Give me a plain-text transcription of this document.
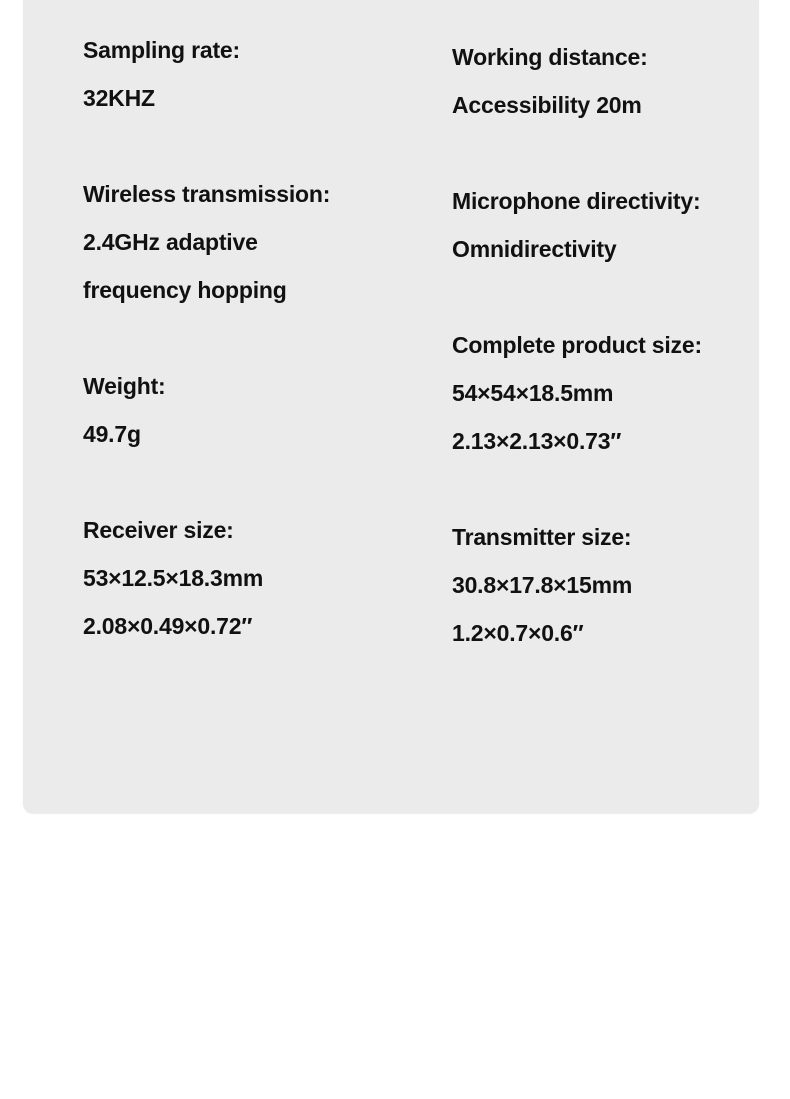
Sampling rate:
32KHZ
Wireless transmission:
2.4GHz adaptive
frequency hopping
Weight:
49.7g
Receiver size:
53×12.5×18.3mm
2.08×0.49×0.72″
Working distance:
Accessibility 20m
Microphone directivity:
Omnidirectivity
Complete product size:
54×54×18.5mm
2.13×2.13×0.73″
Transmitter size:
30.8×17.8×15mm
1.2×0.7×0.6″
